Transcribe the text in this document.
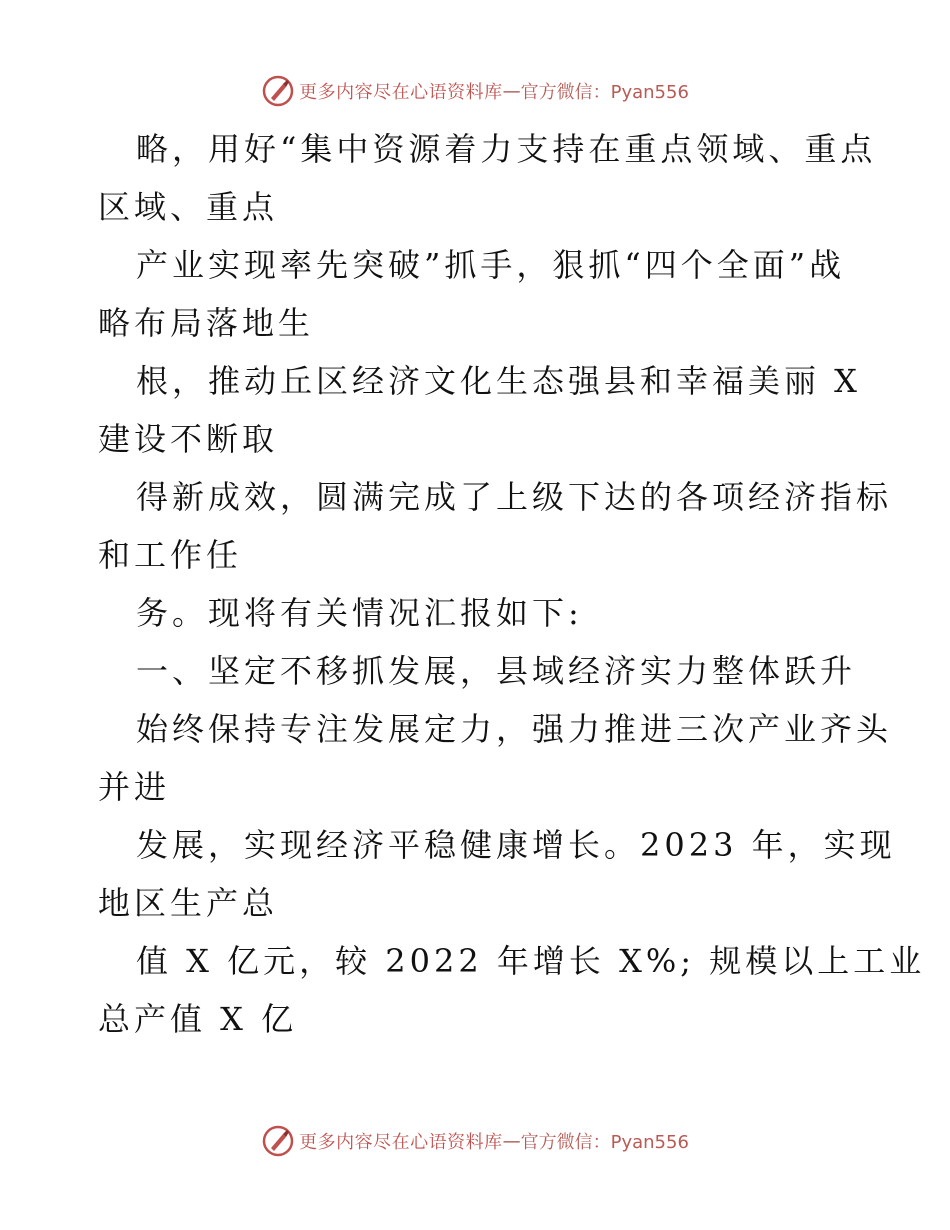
更多内容尽在心语资料库 — 官方微信：Pyan556
略，用好“集中资源着力支持在重点领域、重点
区域、重点
产业实现率先突破”抓手，狠抓“四个全面”战
略布局落地生
根，推动丘区经济文化生态强县和幸福美丽 X
建设不断取
得新成效，圆满完成了上级下达的各项经济指标
和工作任
务。现将有关情况汇报如下:
一、坚定不移抓发展，县域经济实力整体跃升
始终保持专注发展定力，强力推进三次产业齐头
并进
发展，实现经济平稳健康增长。2023 年，实现
地区生产总
值 X 亿元，较 2022 年增长 X%; 规模以上工业
总产值 X 亿
更多内容尽在心语资料库 — 官方微信：Pyan556
